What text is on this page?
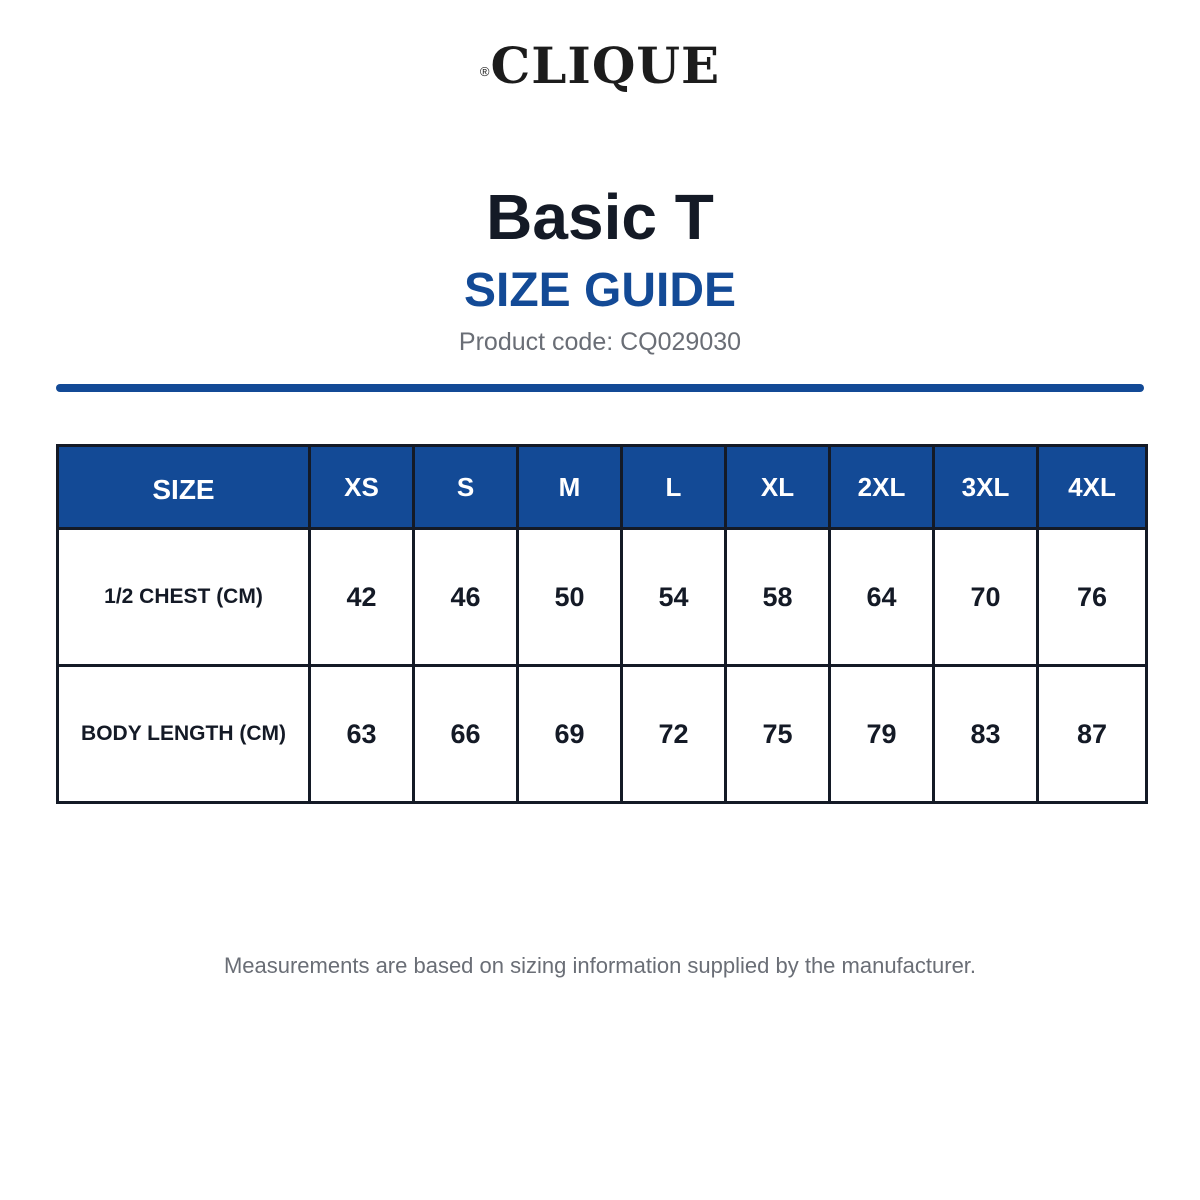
®CLIQUE
Basic T
SIZE GUIDE
Product code: CQ029030
SIZE	XS	S	M	L	XL	2XL	3XL	4XL
1/2 CHEST (CM)	42	46	50	54	58	64	70	76
BODY LENGTH (CM)	63	66	69	72	75	79	83	87
Measurements are based on sizing information supplied by the manufacturer.
